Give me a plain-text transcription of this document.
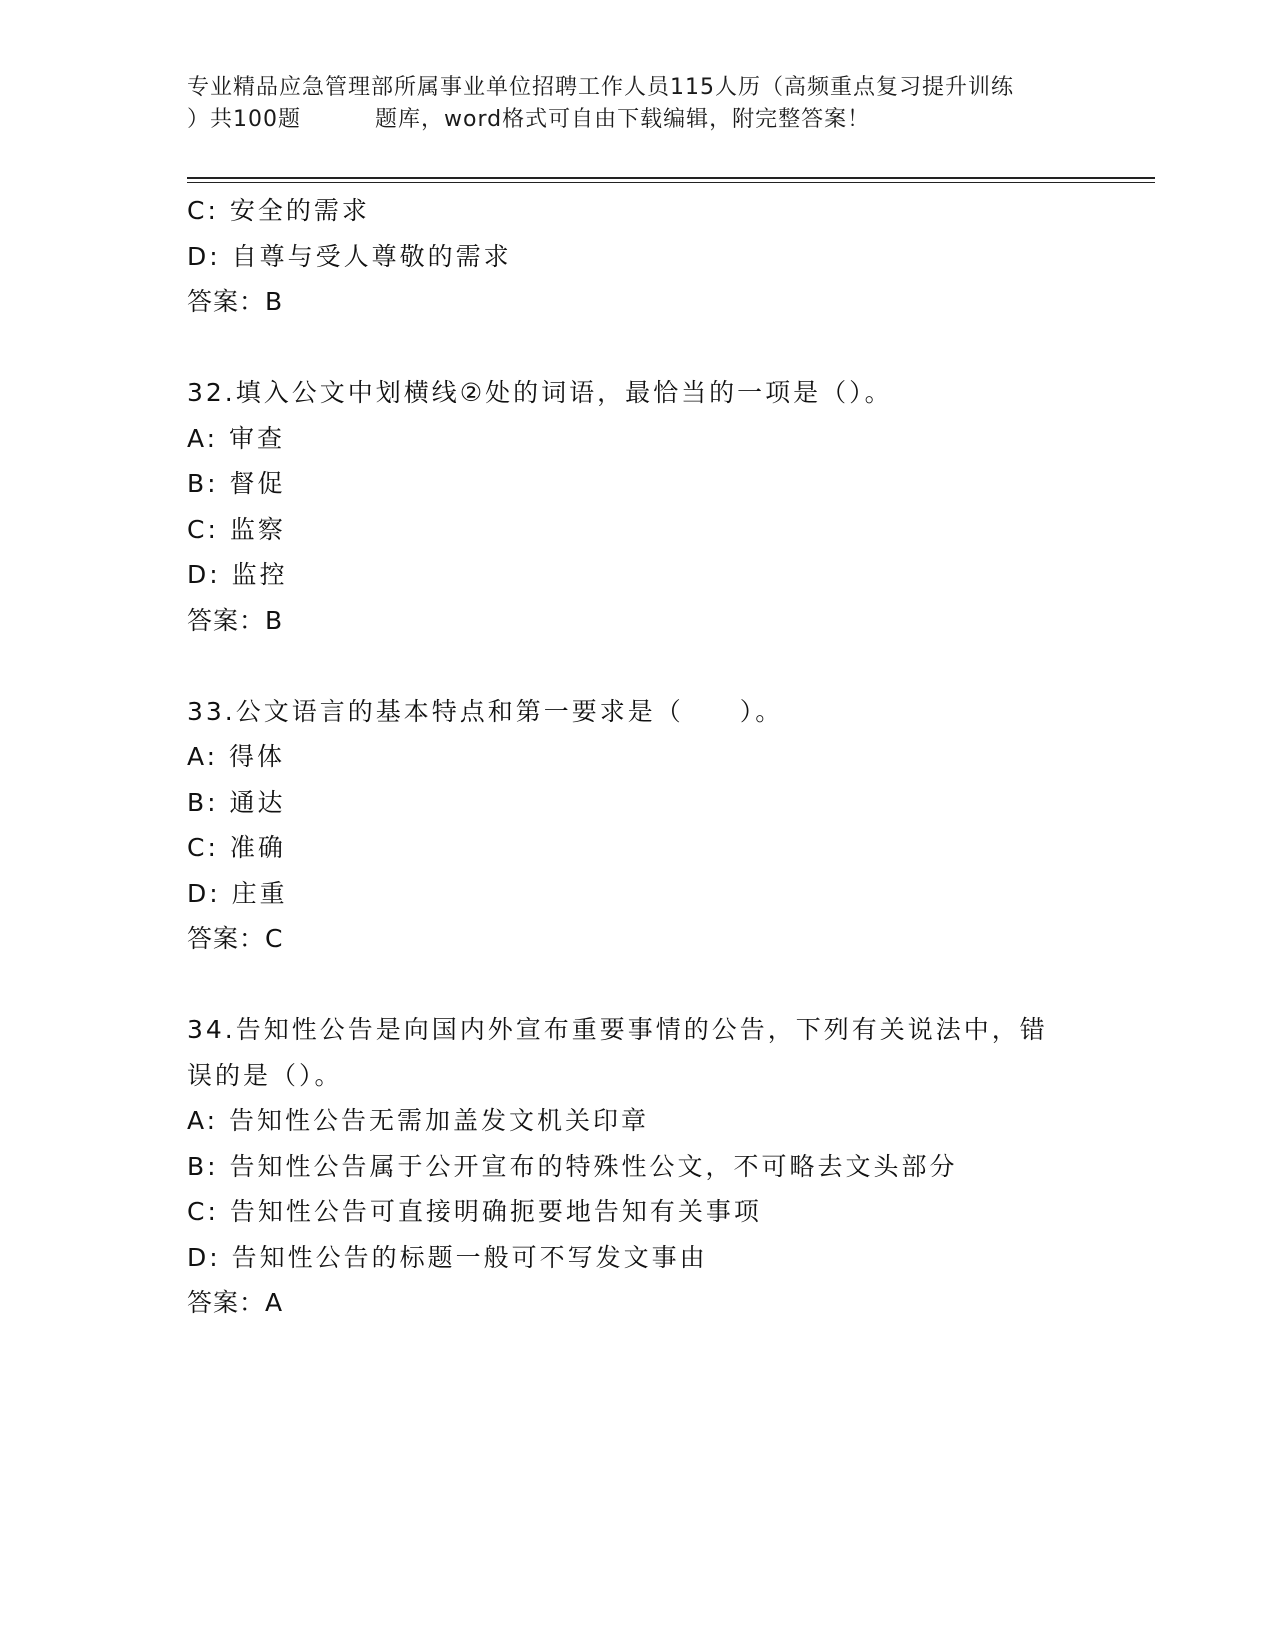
专业精品应急管理部所属事业单位招聘工作人员115人历（高频重点复习提升训练
）共100题	题库，word格式可自由下载编辑，附完整答案！
C: 安全的需求
D: 自尊与受人尊敬的需求
答案：B
32.填入公文中划横线②处的词语，最恰当的一项是（）。
A: 审查
B: 督促
C: 监察
D: 监控
答案：B
33.公文语言的基本特点和第一要求是（　　）。
A: 得体
B: 通达
C: 准确
D: 庄重
答案：C
34.告知性公告是向国内外宣布重要事情的公告，下列有关说法中，错误的是（）。
A: 告知性公告无需加盖发文机关印章
B: 告知性公告属于公开宣布的特殊性公文，不可略去文头部分
C: 告知性公告可直接明确扼要地告知有关事项
D: 告知性公告的标题一般可不写发文事由
答案：A
